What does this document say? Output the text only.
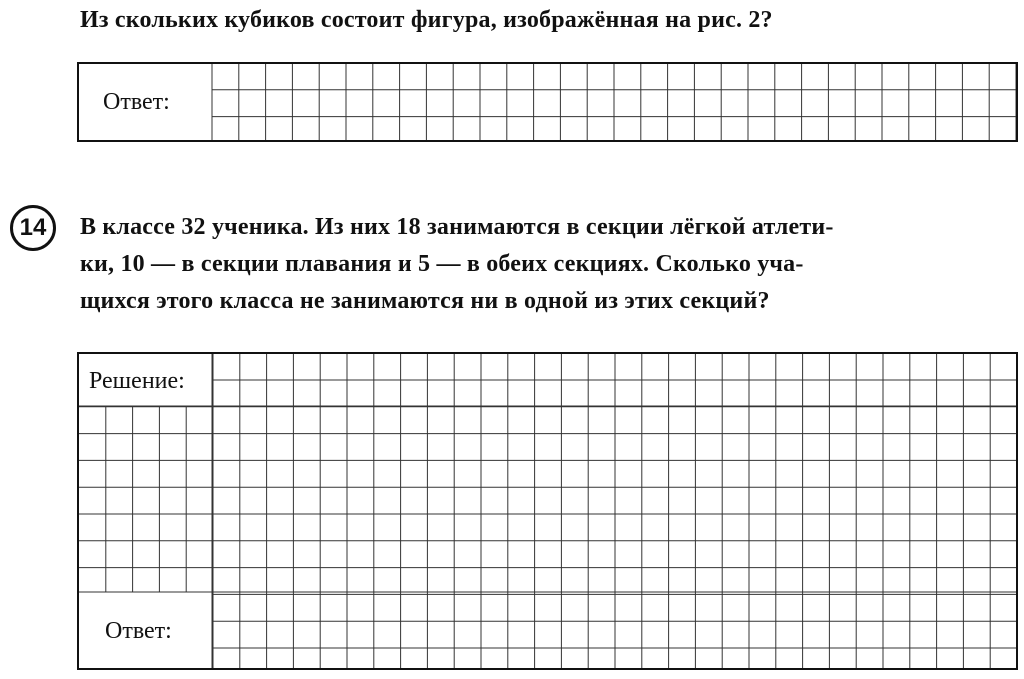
Из скольких кубиков состоит фигура, изображённая на рис. 2?
Ответ:
14 В классе 32 ученика. Из них 18 занимаются в секции лёгкой атлети-
ки, 10 — в секции плавания и 5 — в обеих секциях. Сколько уча-
щихся этого класса не занимаются ни в одной из этих секций?
Решение:
Ответ:
